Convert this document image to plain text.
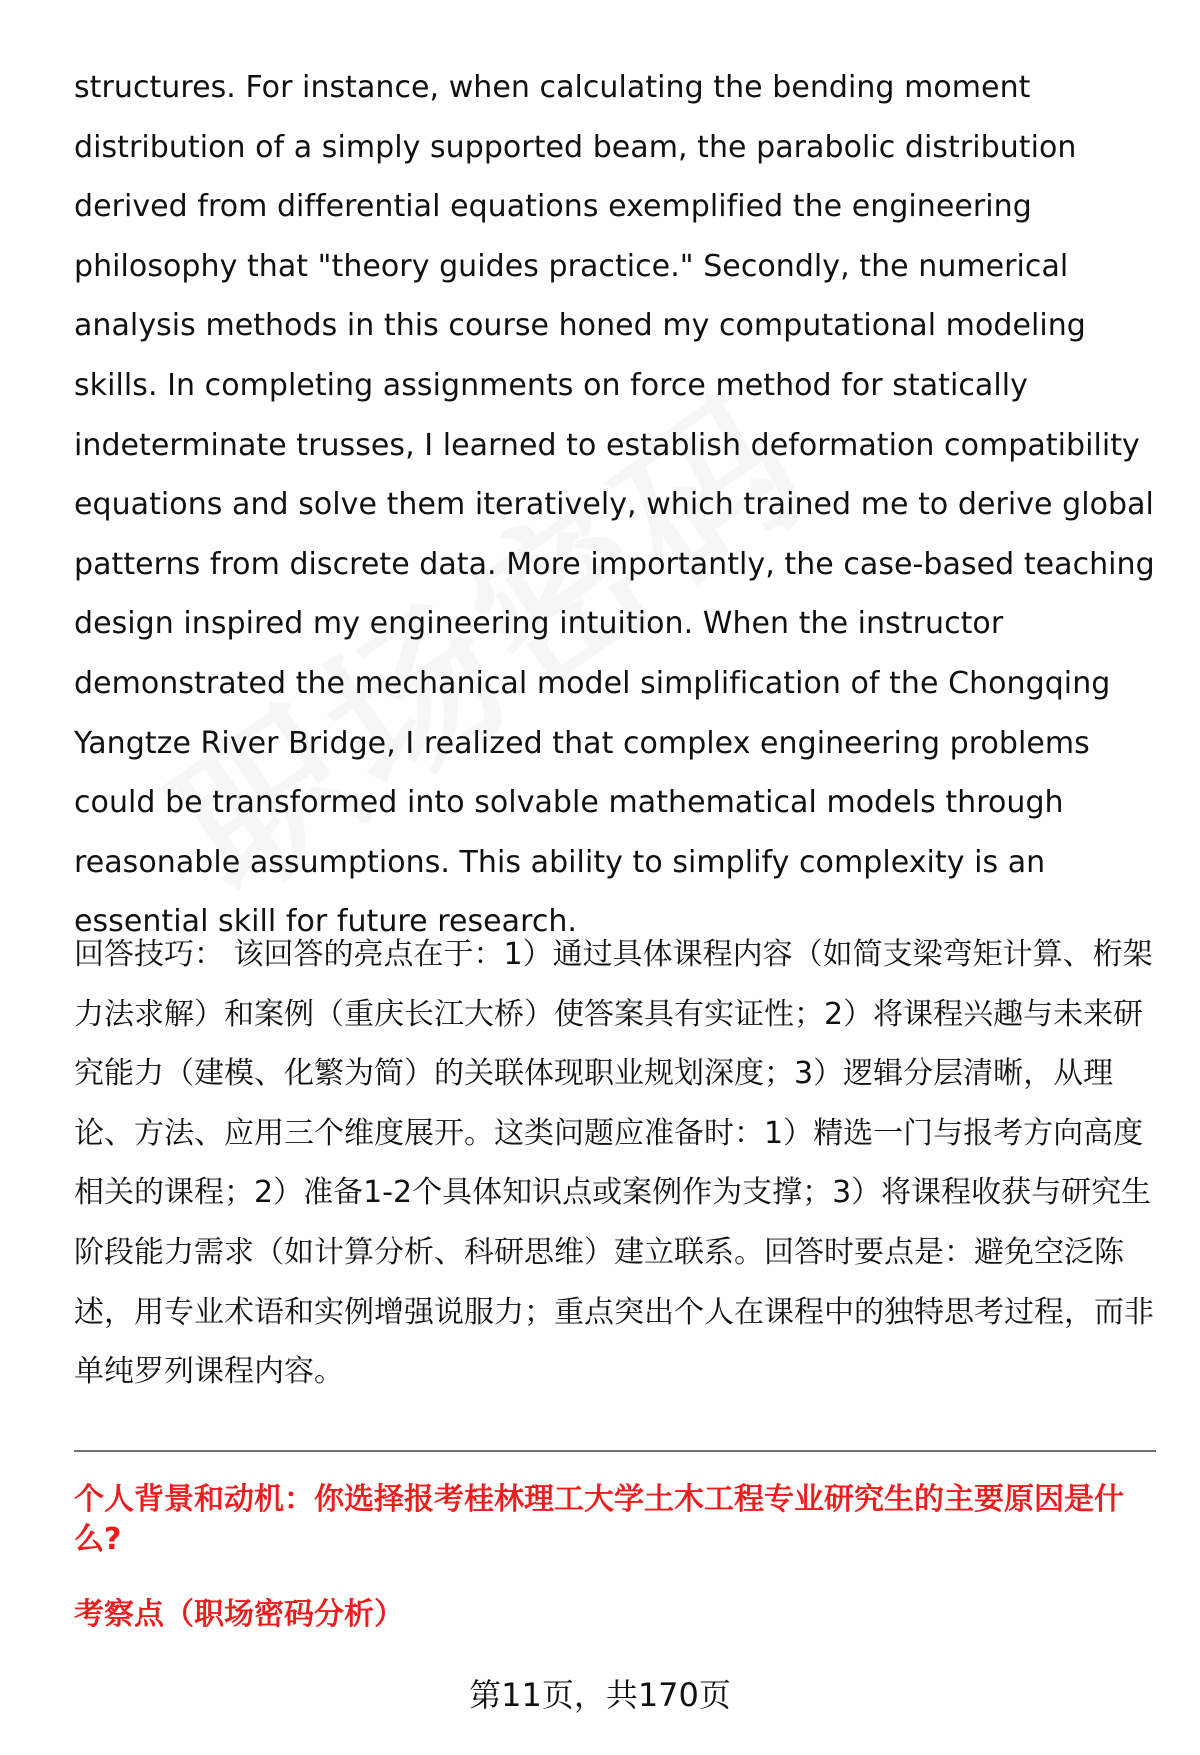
structures. For instance, when calculating the bending moment distribution of a simply supported beam, the parabolic distribution derived from differential equations exemplified the engineering philosophy that "theory guides practice." Secondly, the numerical analysis methods in this course honed my computational modeling skills. In completing assignments on force method for statically indeterminate trusses, I learned to establish deformation compatibility equations and solve them iteratively, which trained me to derive global patterns from discrete data. More importantly, the case-based teaching design inspired my engineering intuition. When the instructor demonstrated the mechanical model simplification of the Chongqing Yangtze River Bridge, I realized that complex engineering problems could be transformed into solvable mathematical models through reasonable assumptions. This ability to simplify complexity is an essential skill for future research.

回答技巧： 该回答的亮点在于：1）通过具体课程内容（如简支梁弯矩计算、桁架力法求解）和案例（重庆长江大桥）使答案具有实证性；2）将课程兴趣与未来研究能力（建模、化繁为简）的关联体现职业规划深度；3）逻辑分层清晰，从理论、方法、应用三个维度展开。这类问题应准备时：1）精选一门与报考方向高度相关的课程；2）准备1-2个具体知识点或案例作为支撑；3）将课程收获与研究生阶段能力需求（如计算分析、科研思维）建立联系。回答时要点是：避免空泛陈述，用专业术语和实例增强说服力；重点突出个人在课程中的独特思考过程，而非单纯罗列课程内容。

个人背景和动机：你选择报考桂林理工大学土木工程专业研究生的主要原因是什么?

考察点（职场密码分析）

第11页，共170页
